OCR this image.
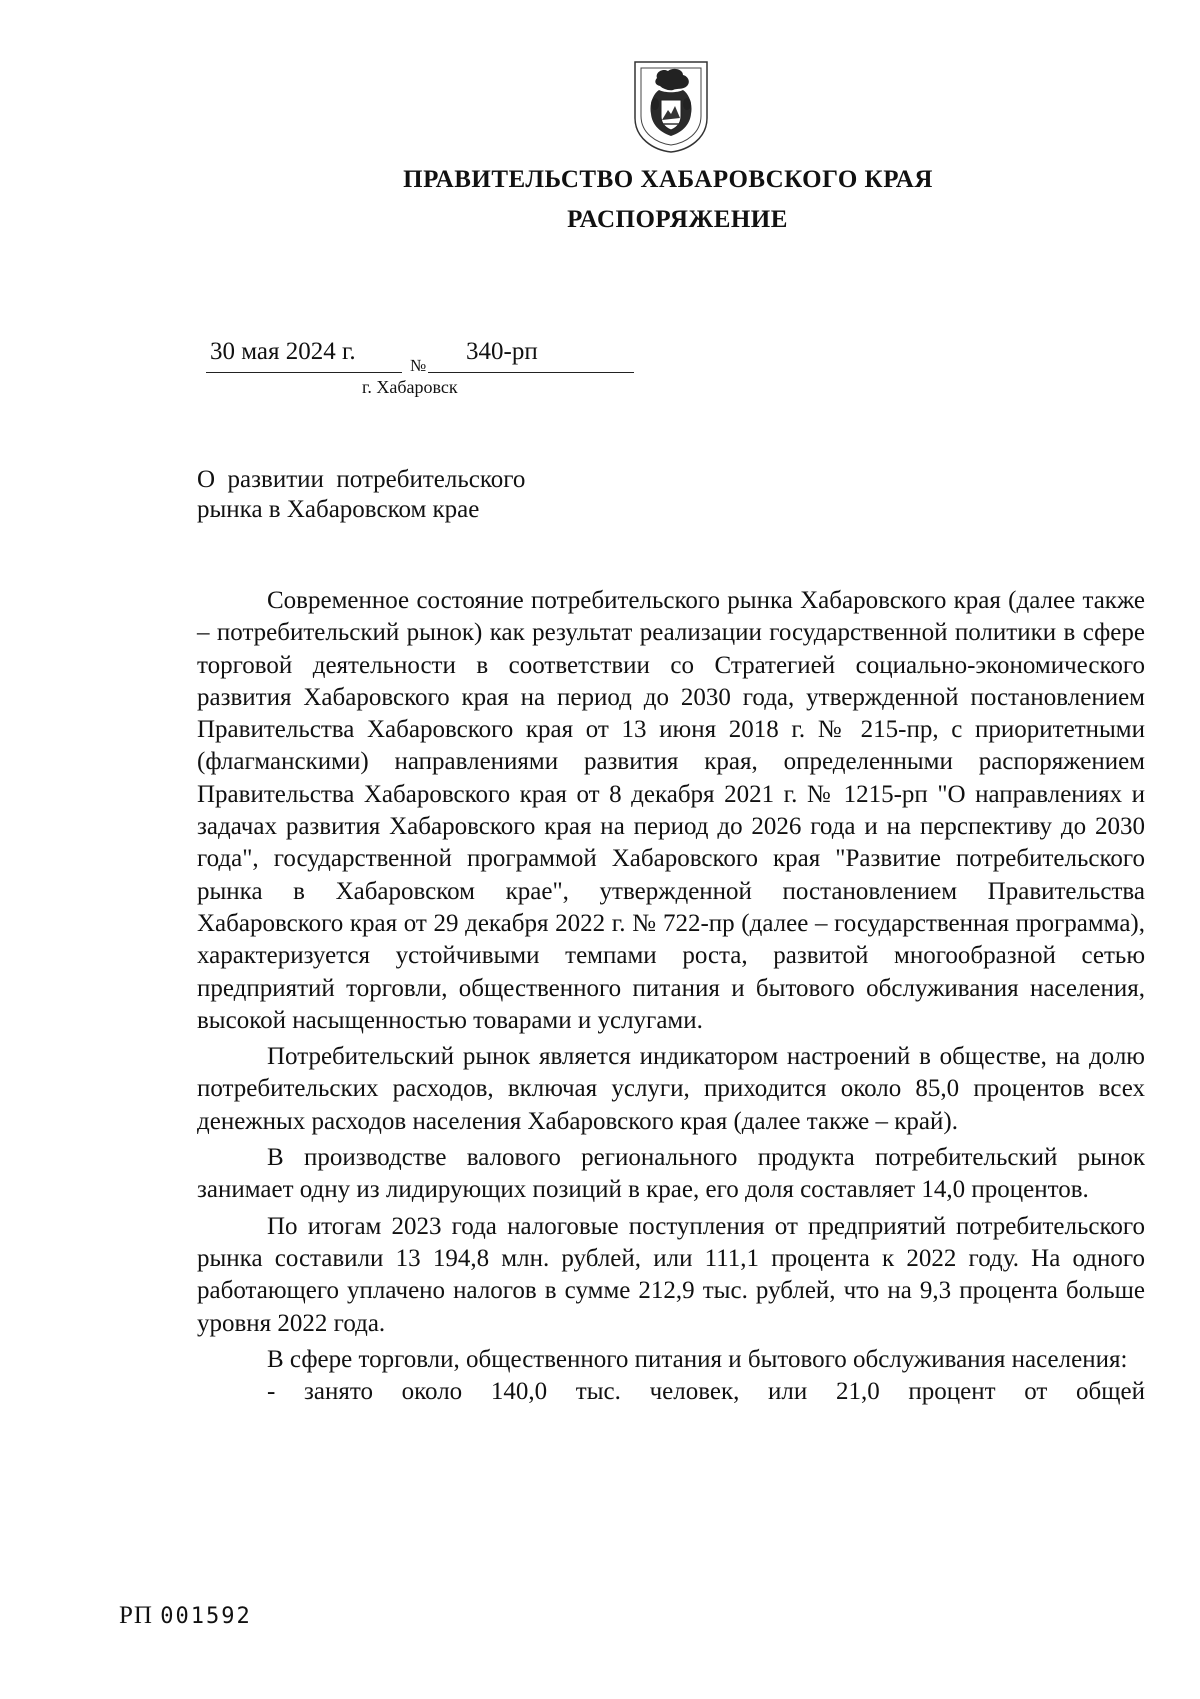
ПРАВИТЕЛЬСТВО ХАБАРОВСКОГО КРАЯ
РАСПОРЯЖЕНИЕ
30 мая 2024 г.
№
340-рп
г. Хабаровск
О  развитии  потребительского
рынка в Хабаровском крае

Современное состояние потребительского рынка Хабаровского края (далее также – потребительский рынок) как результат реализации государственной политики в сфере торговой деятельности в соответствии со Стратегией социально-экономического развития Хабаровского края на период до 2030 года, утвержденной постановлением Правительства Хабаровского края от 13 июня 2018 г. № 215-пр, с приоритетными (флагманскими) направлениями развития края, определенными распоряжением Правительства Хабаровского края от 8 декабря 2021 г. № 1215-рп "О направлениях и задачах развития Хабаровского края на период до 2026 года и на перспективу до 2030 года", государственной программой Хабаровского края "Развитие потребительского рынка в Хабаровском крае", утвержденной постановлением Правительства Хабаровского края от 29 декабря 2022 г. № 722-пр (далее – государственная программа), характеризуется устойчивыми темпами роста, развитой многообразной сетью предприятий торговли, общественного питания и бытового обслуживания населения, высокой насыщенностью товарами и услугами.

Потребительский рынок является индикатором настроений в обществе, на долю потребительских расходов, включая услуги, приходится около 85,0 процентов всех денежных расходов населения Хабаровского края (далее также – край).

В производстве валового регионального продукта потребительский рынок занимает одну из лидирующих позиций в крае, его доля составляет 14,0 процентов.

По итогам 2023 года налоговые поступления от предприятий потребительского рынка составили 13 194,8 млн. рублей, или 111,1 процента к 2022 году. На одного работающего уплачено налогов в сумме 212,9 тыс. рублей, что на 9,3 процента больше уровня 2022 года.

В сфере торговли, общественного питания и бытового обслуживания населения:

- занято около 140,0 тыс. человек, или 21,0 процент от общей

РП 001592
